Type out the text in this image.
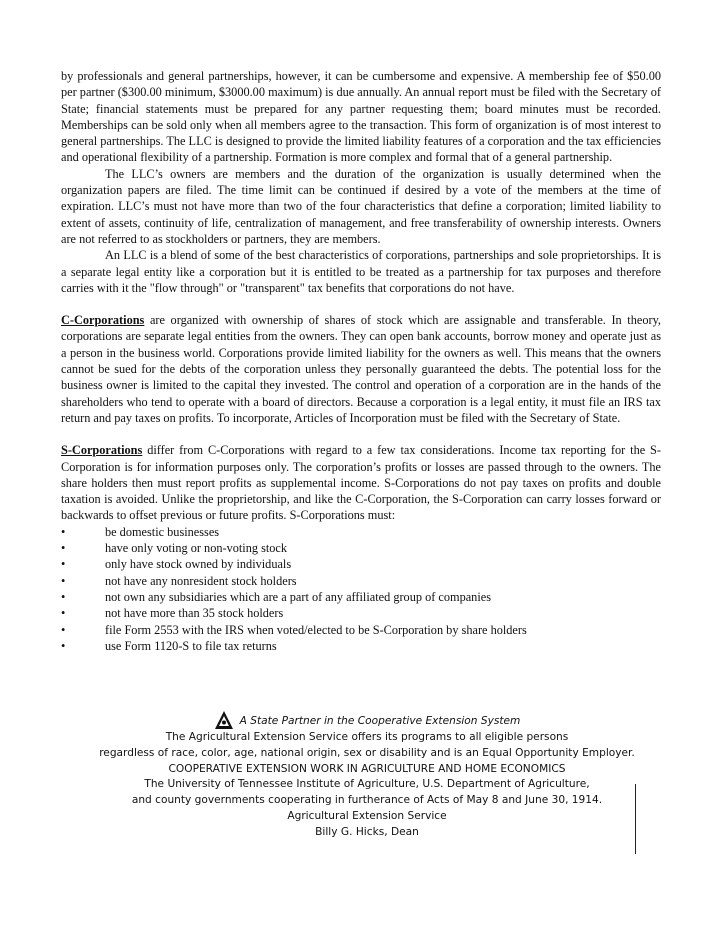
by professionals and general partnerships, however, it can be cumbersome and expensive. A membership fee of $50.00 per partner ($300.00 minimum, $3000.00 maximum) is due annually. An annual report must be filed with the Secretary of State; financial statements must be prepared for any partner requesting them; board minutes must be recorded. Memberships can be sold only when all members agree to the transaction. This form of organization is of most interest to general partnerships. The LLC is designed to provide the limited liability features of a corporation and the tax efficiencies and operational flexibility of a partnership. Formation is more complex and formal that of a general partnership.

The LLC’s owners are members and the duration of the organization is usually determined when the organization papers are filed. The time limit can be continued if desired by a vote of the members at the time of expiration. LLC’s must not have more than two of the four characteristics that define a corporation; limited liability to extent of assets, continuity of life, centralization of management, and free transferability of ownership interests. Owners are not referred to as stockholders or partners, they are members.

An LLC is a blend of some of the best characteristics of corporations, partnerships and sole proprietorships. It is a separate legal entity like a corporation but it is entitled to be treated as a partnership for tax purposes and therefore carries with it the "flow through" or "transparent" tax benefits that corporations do not have.

C-Corporations are organized with ownership of shares of stock which are assignable and transferable. In theory, corporations are separate legal entities from the owners. They can open bank accounts, borrow money and operate just as a person in the business world. Corporations provide limited liability for the owners as well. This means that the owners cannot be sued for the debts of the corporation unless they personally guaranteed the debts. The potential loss for the business owner is limited to the capital they invested. The control and operation of a corporation are in the hands of the shareholders who tend to operate with a board of directors. Because a corporation is a legal entity, it must file an IRS tax return and pay taxes on profits. To incorporate, Articles of Incorporation must be filed with the Secretary of State.

S-Corporations differ from C-Corporations with regard to a few tax considerations. Income tax reporting for the S-Corporation is for information purposes only. The corporation’s profits or losses are passed through to the owners. The share holders then must report profits as supplemental income. S-Corporations do not pay taxes on profits and double taxation is avoided. Unlike the proprietorship, and like the C-Corporation, the S-Corporation can carry losses forward or backwards to offset previous or future profits. S-Corporations must:

•	be domestic businesses
•	have only voting or non-voting stock
•	only have stock owned by individuals
•	not have any nonresident stock holders
•	not own any subsidiaries which are a part of any affiliated group of companies
•	not have more than 35 stock holders
•	file Form 2553 with the IRS when voted/elected to be S-Corporation by share holders
•	use Form 1120-S to file tax returns
A State Partner in the Cooperative Extension System
The Agricultural Extension Service offers its programs to all eligible persons
regardless of race, color, age, national origin, sex or disability and is an Equal Opportunity Employer.
COOPERATIVE EXTENSION WORK IN AGRICULTURE AND HOME ECONOMICS
The University of Tennessee Institute of Agriculture, U.S. Department of Agriculture,
and county governments cooperating in furtherance of Acts of May 8 and June 30, 1914.
Agricultural Extension Service
Billy G. Hicks, Dean
